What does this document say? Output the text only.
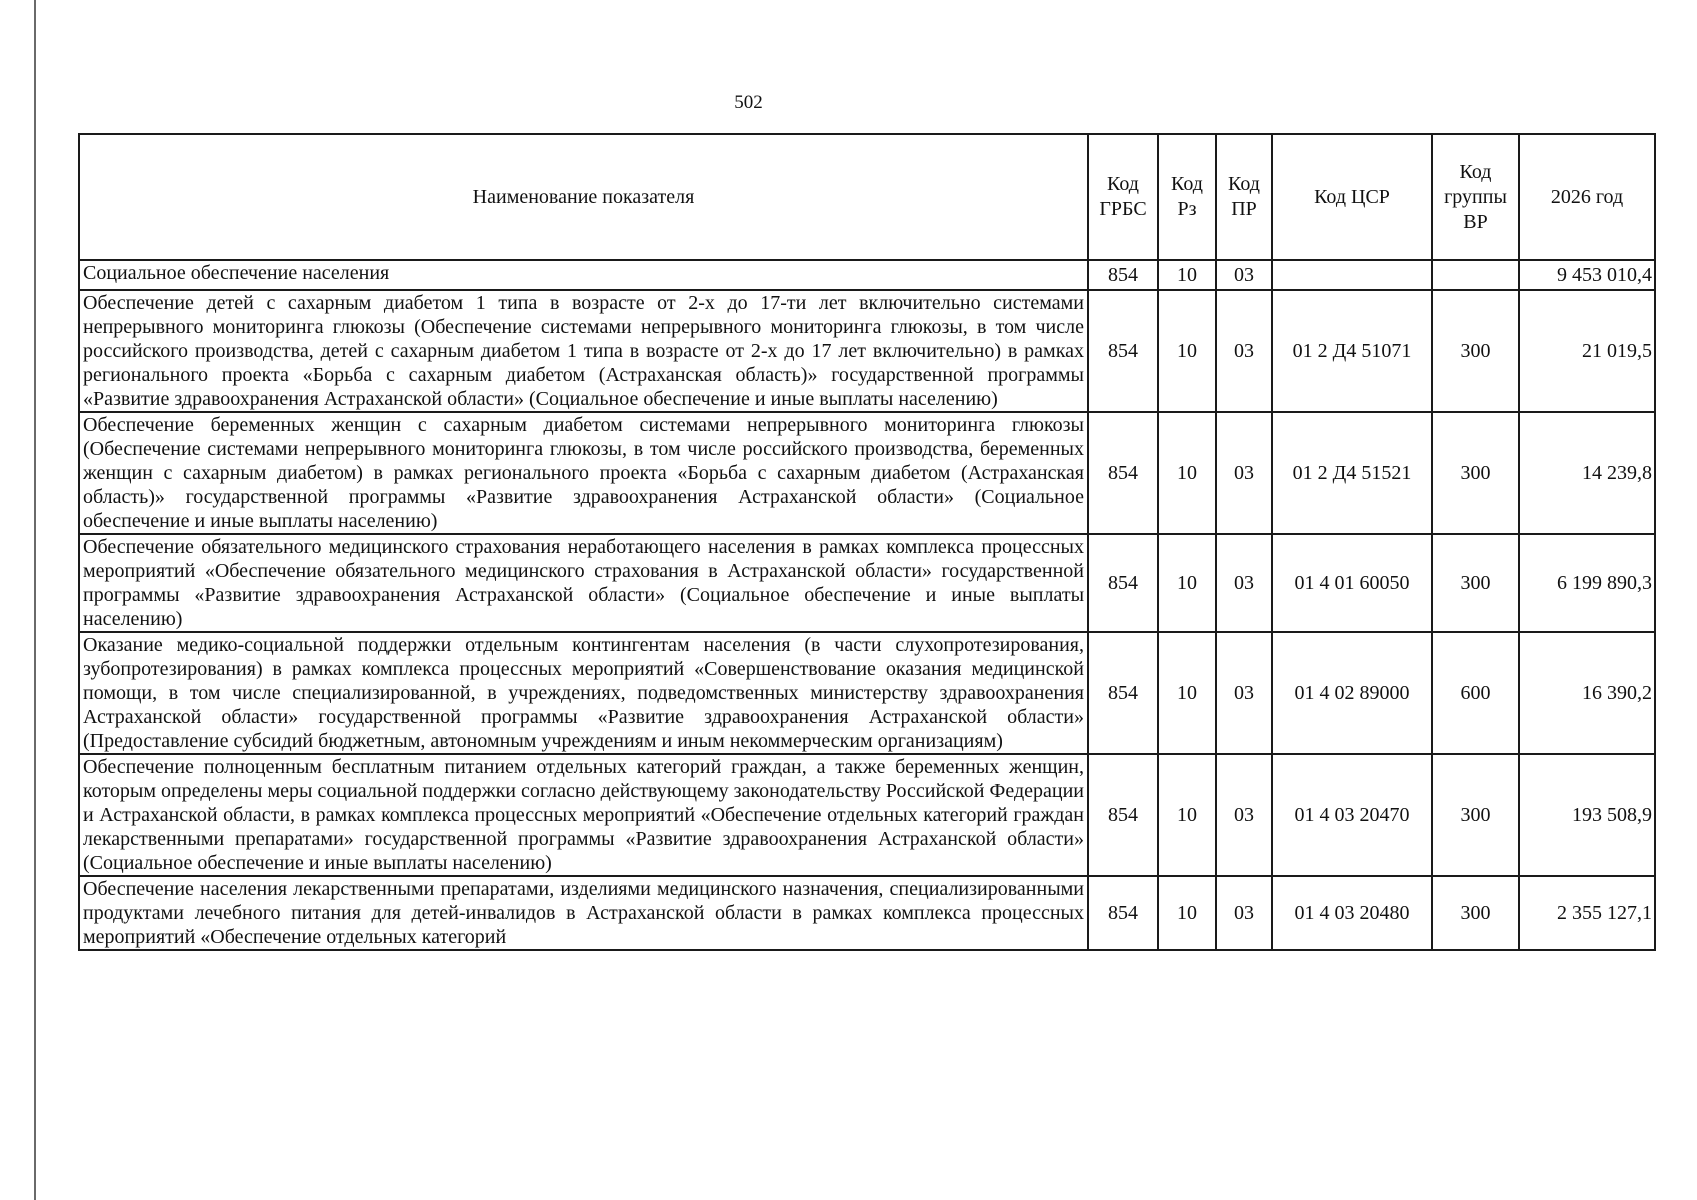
502
Наименование показателя	Код ГРБС	Код Рз	Код ПР	Код ЦСР	Код группы ВР	2026 год
Социальное обеспечение населения	854	10	03			9 453 010,4
Обеспечение детей с сахарным диабетом 1 типа в возрасте от 2-х до 17-ти лет включительно системами непрерывного мониторинга глюкозы (Обеспечение системами непрерывного мониторинга глюкозы, в том числе российского производства, детей с сахарным диабетом 1 типа в возрасте от 2-х до 17 лет включительно) в рамках регионального проекта «Борьба с сахарным диабетом (Астраханская область)» государственной программы «Развитие здравоохранения Астраханской области» (Социальное обеспечение и иные выплаты населению)	854	10	03	01 2 Д4 51071	300	21 019,5
Обеспечение беременных женщин с сахарным диабетом системами непрерывного мониторинга глюкозы (Обеспечение системами непрерывного мониторинга глюкозы, в том числе российского производства, беременных женщин с сахарным диабетом) в рамках регионального проекта «Борьба с сахарным диабетом (Астраханская область)» государственной программы «Развитие здравоохранения Астраханской области» (Социальное обеспечение и иные выплаты населению)	854	10	03	01 2 Д4 51521	300	14 239,8
Обеспечение обязательного медицинского страхования неработающего населения в рамках комплекса процессных мероприятий «Обеспечение обязательного медицинского страхования в Астраханской области» государственной программы «Развитие здравоохранения Астраханской области» (Социальное обеспечение и иные выплаты населению)	854	10	03	01 4 01 60050	300	6 199 890,3
Оказание медико-социальной поддержки отдельным контингентам населения (в части слухопротезирования, зубопротезирования) в рамках комплекса процессных мероприятий «Совершенствование оказания медицинской помощи, в том числе специализированной, в учреждениях, подведомственных министерству здравоохранения Астраханской области» государственной программы «Развитие здравоохранения Астраханской области» (Предоставление субсидий бюджетным, автономным учреждениям и иным некоммерческим организациям)	854	10	03	01 4 02 89000	600	16 390,2
Обеспечение полноценным бесплатным питанием отдельных категорий граждан, а также беременных женщин, которым определены меры социальной поддержки согласно действующему законодательству Российской Федерации и Астраханской области, в рамках комплекса процессных мероприятий «Обеспечение отдельных категорий граждан лекарственными препаратами» государственной программы «Развитие здравоохранения Астраханской области» (Социальное обеспечение и иные выплаты населению)	854	10	03	01 4 03 20470	300	193 508,9

Обеспечение населения лекарственными препаратами, изделиями медицинского назначения, специализированными продуктами лечебного питания для детей-инвалидов в Астраханской области в рамках комплекса процессных мероприятий «Обеспечение отдельных категорий	854	10	03	01 4 03 20480	300	2 355 127,1
